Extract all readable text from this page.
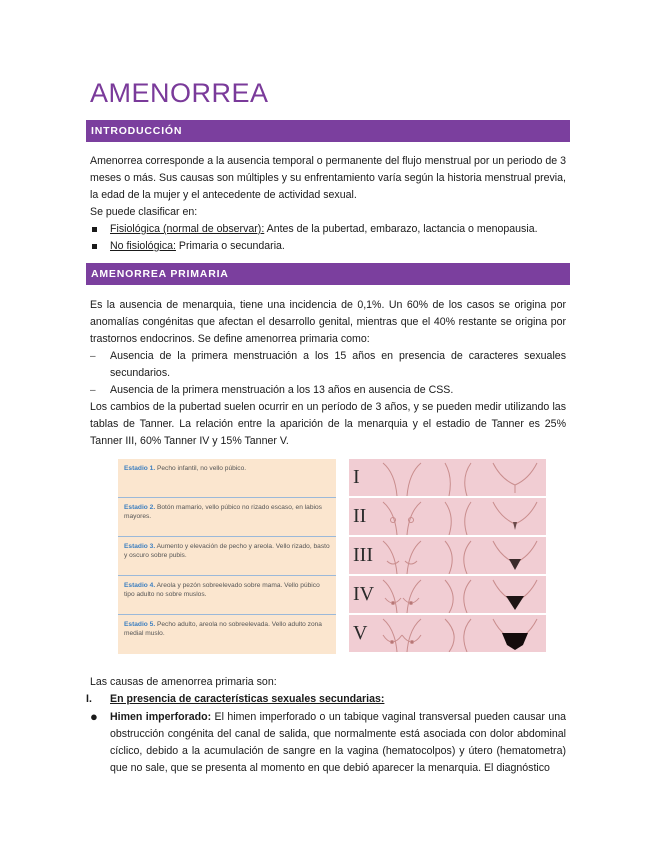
AMENORREA
INTRODUCCIÓN

Amenorrea corresponde a la ausencia temporal o permanente del flujo menstrual por un periodo de 3 meses o más. Sus causas son múltiples y su enfrentamiento varía según la historia menstrual previa, la edad de la mujer y el antecedente de actividad sexual.

Se puede clasificar en:
Fisiológica (normal de observar): Antes de la pubertad, embarazo, lactancia o menopausia.
No fisiológica: Primaria o secundaria.
AMENORREA PRIMARIA

Es la ausencia de menarquia, tiene una incidencia de 0,1%. Un 60% de los casos se origina por anomalías congénitas que afectan el desarrollo genital, mientras que el 40% restante se origina por trastornos endocrinos. Se define amenorrea primaria como:

– Ausencia de la primera menstruación a los 15 años en presencia de caracteres sexuales secundarios.
– Ausencia de la primera menstruación a los 13 años en ausencia de CSS.

Los cambios de la pubertad suelen ocurrir en un período de 3 años, y se pueden medir utilizando las tablas de Tanner. La relación entre la aparición de la menarquia y el estadio de Tanner es 25% Tanner III, 60% Tanner IV y 15% Tanner V.

Estadio 1. Pecho infantil, no vello púbico.
Estadio 2. Botón mamario, vello púbico no rizado escaso, en labios mayores.
Estadio 3. Aumento y elevación de pecho y areola. Vello rizado, basto y oscuro sobre pubis.
Estadio 4. Areola y pezón sobreelevado sobre mama. Vello púbico tipo adulto no sobre muslos.
Estadio 5. Pecho adulto, areola no sobreelevada. Vello adulto zona medial muslo.
I
II
III
IV
V
Las causas de amenorrea primaria son:
I. En presencia de características sexuales secundarias:
● Himen imperforado: El himen imperforado o un tabique vaginal transversal pueden causar una obstrucción congénita del canal de salida, que normalmente está asociada con dolor abdominal cíclico, debido a la acumulación de sangre en la vagina (hematocolpos) y útero (hematometra) que no sale, que se presenta al momento en que debió aparecer la menarquia. El diagnóstico
